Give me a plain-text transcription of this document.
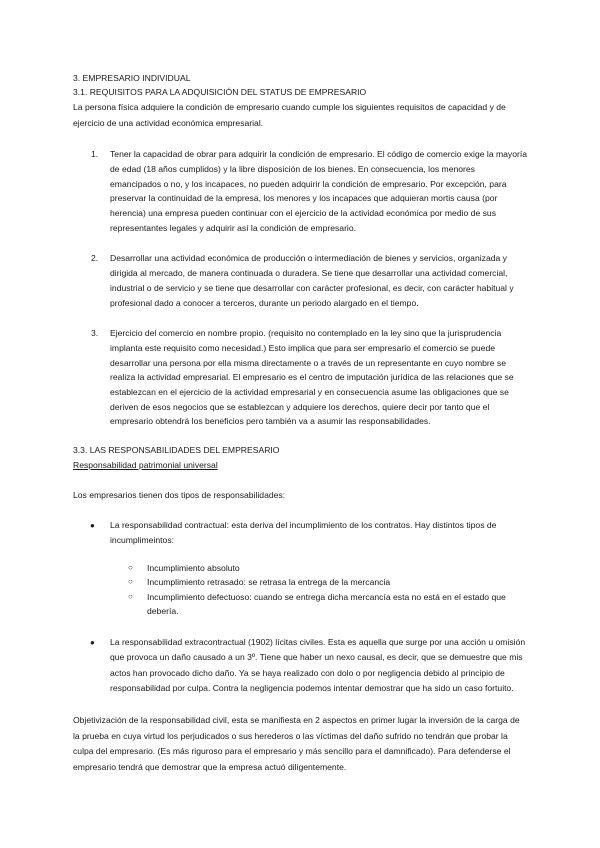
3. EMPRESARIO INDIVIDUAL
3.1. REQUISITOS PARA LA ADQUISICIÓN DEL STATUS DE EMPRESARIO

La persona física adquiere la condición de empresario cuando cumple los siguientes requisitos de capacidad y de ejercicio de una actividad económica empresarial.

1. Tener la capacidad de obrar para adquirir la condición de empresario. El código de comercio exige la mayoría de edad (18 años cumplidos) y la libre disposición de los bienes. En consecuencia, los menores emancipados o no, y los incapaces, no pueden adquirir la condición de empresario. Por excepción, para preservar la continuidad de la empresa, los menores y los incapaces que adquieran mortis causa (por herencia) una empresa pueden continuar con el ejercicio de la actividad económica por medio de sus representantes legales y adquirir así la condición de empresario.
2. Desarrollar una actividad económica de producción o intermediación de bienes y servicios, organizada y dirigida al mercado, de manera continuada o duradera. Se tiene que desarrollar una actividad comercial, industrial o de servicio y se tiene que desarrollar con carácter profesional, es decir, con carácter habitual y profesional dado a conocer a terceros, durante un periodo alargado en el tiempo.
3. Ejercicio del comercio en nombre propio. (requisito no contemplado en la ley sino que la jurisprudencia implanta este requisito como necesidad.) Esto implica que para ser empresario el comercio se puede desarrollar una persona por ella misma directamente o a través de un representante en cuyo nombre se realiza la actividad empresarial. El empresario es el centro de imputación jurídica de las relaciones que se establezcan en el ejercicio de la actividad empresarial y en consecuencia asume las obligaciones que se deriven de esos negocios que se establezcan y adquiere los derechos, quiere decir por tanto que el empresario obtendrá los beneficios pero también va a asumir las responsabilidades.
3.3. LAS RESPONSABILIDADES DEL EMPRESARIO
Responsabilidad patrimonial universal

Los empresarios tienen dos tipos de responsabilidades:

● La responsabilidad contractual: esta deriva del incumplimiento de los contratos. Hay distintos tipos de incumplimeintos:
○ Incumplimiento absoluto
○ Incumplimiento retrasado: se retrasa la entrega de la mercancia
○ Incumplimiento defectuoso: cuando se entrega dicha mercancía esta no está en el estado que debería.
● La responsabilidad extracontractual (1902) lícitas civiles. Esta es aquella que surge por una acción u omisión que provoca un daño causado a un 3º. Tiene que haber un nexo causal, es decir, que se demuestre que mis actos han provocado dicho daño. Ya se haya realizado con dolo o por negligencia debido al principio de responsabilidad por culpa. Contra la negligencia podemos intentar demostrar que ha sido un caso fortuito.

Objetivización de la responsabilidad civil, esta se manifiesta en 2 aspectos en primer lugar la inversión de la carga de la prueba en cuya virtud los perjudicados o sus herederos o las víctimas del daño sufrido no tendrán que probar la culpa del empresario. (Es más riguroso para el empresario y más sencillo para el damnificado). Para defenderse el empresario tendrá que demostrar que la empresa actuó diligentemente.
